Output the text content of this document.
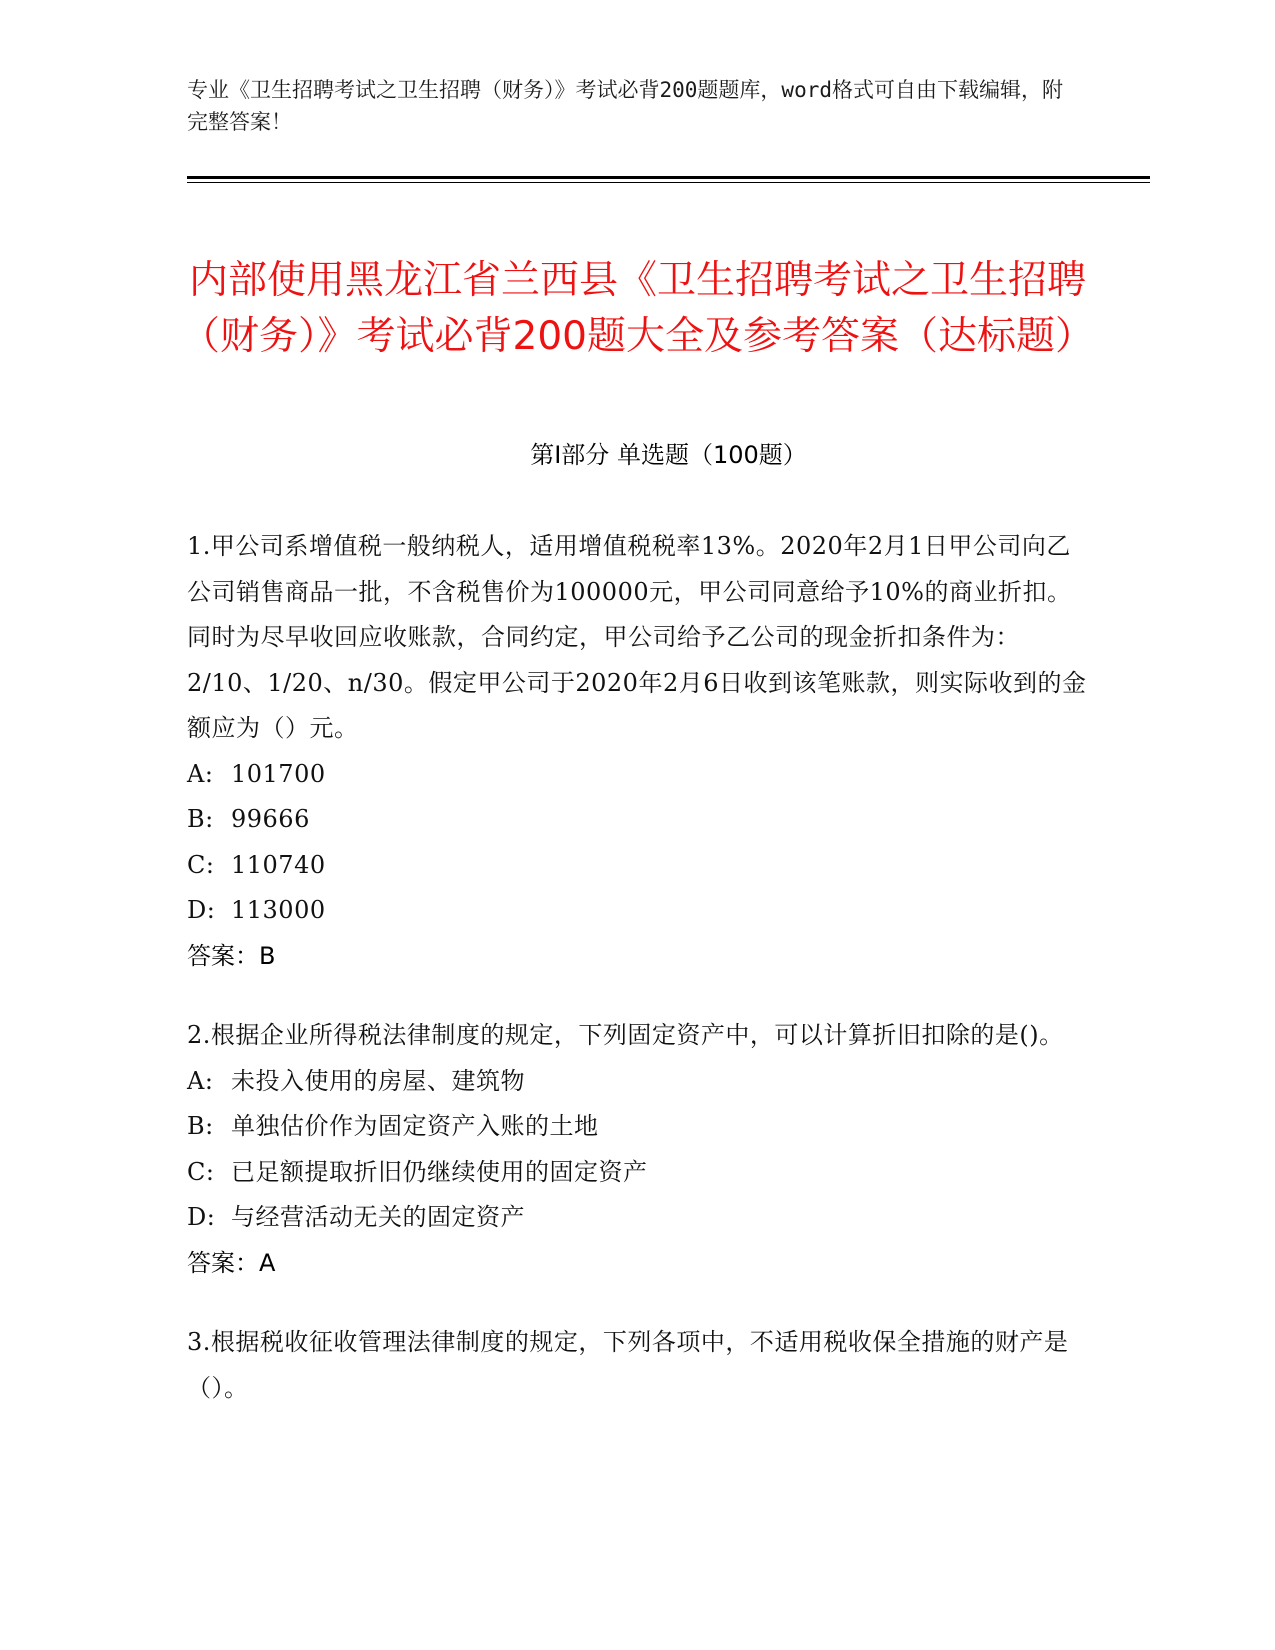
专业《卫生招聘考试之卫生招聘（财务）》考试必背200题题库，word格式可自由下载编辑，附完整答案！
内部使用黑龙江省兰西县《卫生招聘考试之卫生招聘（财务）》考试必背200题大全及参考答案（达标题）
第Ⅰ部分 单选题（100题）
1.甲公司系增值税一般纳税人，适用增值税税率13%。2020年2月1日甲公司向乙公司销售商品一批，不含税售价为100000元，甲公司同意给予10%的商业折扣。同时为尽早收回应收账款，合同约定，甲公司给予乙公司的现金折扣条件为：2/10、1/20、n/30。假定甲公司于2020年2月6日收到该笔账款，则实际收到的金额应为（）元。
A: 101700
B: 99666
C: 110740
D: 113000
答案：B
2.根据企业所得税法律制度的规定，下列固定资产中，可以计算折旧扣除的是()。
A: 未投入使用的房屋、建筑物
B: 单独估价作为固定资产入账的土地
C: 已足额提取折旧仍继续使用的固定资产
D: 与经营活动无关的固定资产
答案：A
3.根据税收征收管理法律制度的规定，下列各项中，不适用税收保全措施的财产是（）。
